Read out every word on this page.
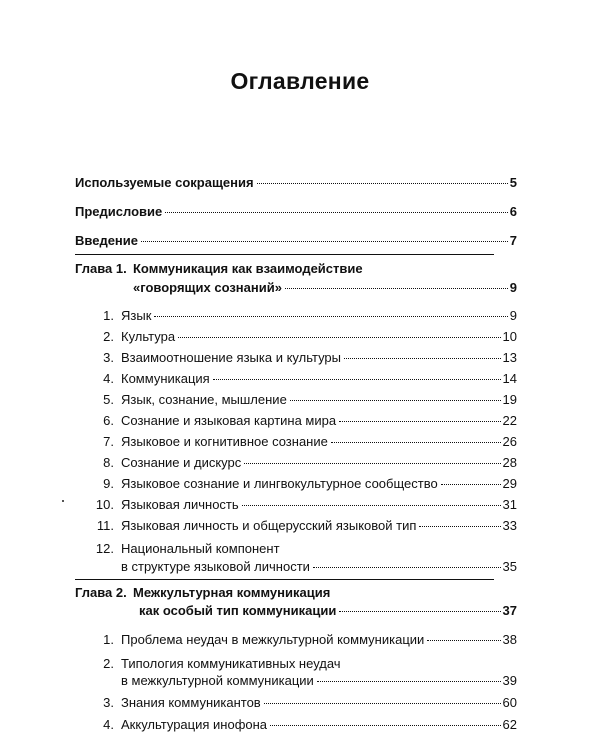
Оглавление
Используемые сокращения	5
Предисловие	6
Введение	7
Глава 1. Коммуникация как взаимодействие
«говорящих сознаний»	9
1. Язык	9
2. Культура	10
3. Взаимоотношение языка и культуры	13
4. Коммуникация	14
5. Язык, сознание, мышление	19
6. Сознание и языковая картина мира	22
7. Языковое и когнитивное сознание	26
8. Сознание и дискурс	28
9. Языковое сознание и лингвокультурное сообщество	29
10. Языковая личность	31
11. Языковая личность и общерусский языковой тип	33
12. Национальный компонент
в структуре языковой личности	35
Глава 2. Межкультурная коммуникация
как особый тип коммуникации	37
1. Проблема неудач в межкультурной коммуникации	38
2. Типология коммуникативных неудач
в межкультурной коммуникации	39
3. Знания коммуникантов	60
4. Аккультурация инофона	62
